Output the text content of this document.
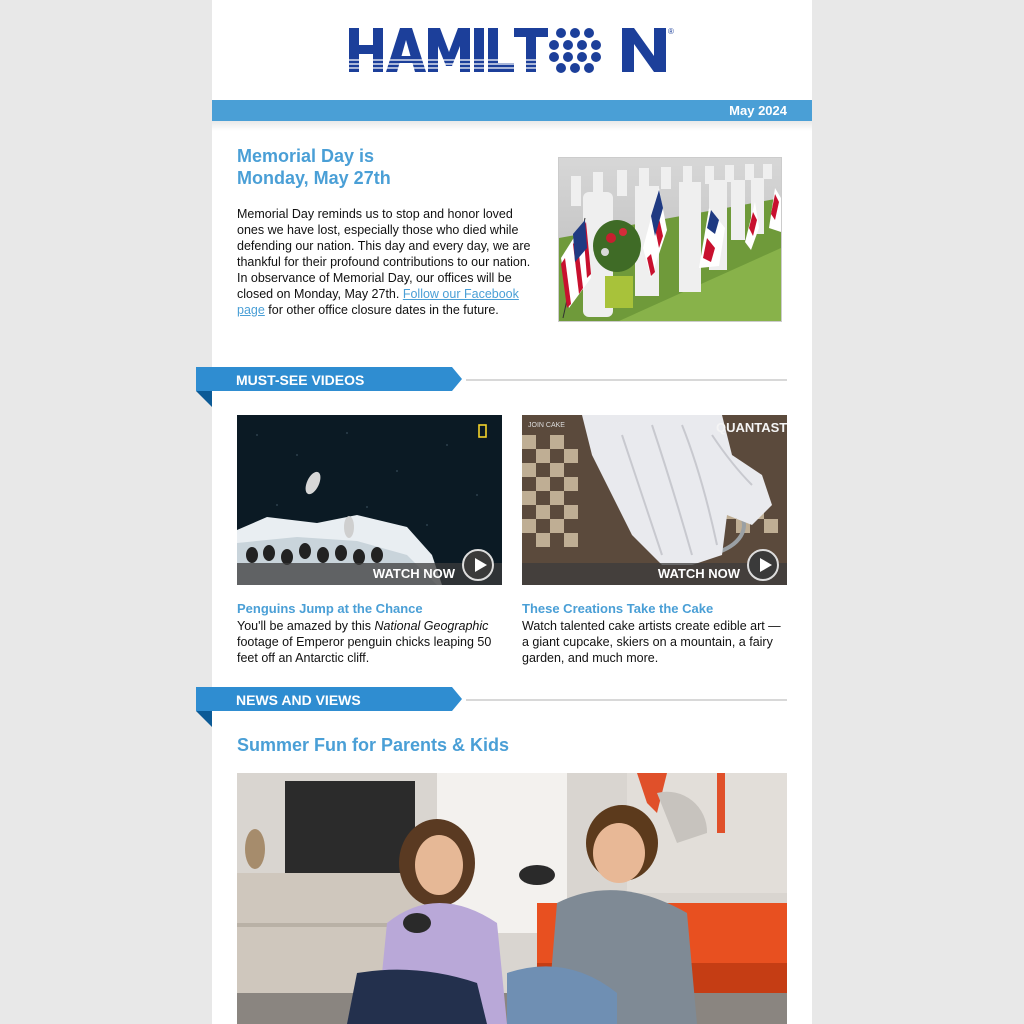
®
May 2024
Memorial Day is
Monday, May 27th

Memorial Day reminds us to stop and honor loved ones we have lost, especially those who died while defending our nation. This day and every day, we are thankful for their profound contributions to our nation. In observance of Memorial Day, our offices will be closed on Monday, May 27th. Follow our Facebook page for other office closure dates in the future.

MUST-SEE VIDEOS
WATCH NOW
JOIN CAKE	QUANTAST
WATCH NOW
Penguins Jump at the Chance

You'll be amazed by this National Geographic footage of Emperor penguin chicks leaping 50 feet off an Antarctic cliff.

These Creations Take the Cake

Watch talented cake artists create edible art — a giant cupcake, skiers on a mountain, a fairy garden, and much more.

NEWS AND VIEWS
Summer Fun for Parents & Kids
